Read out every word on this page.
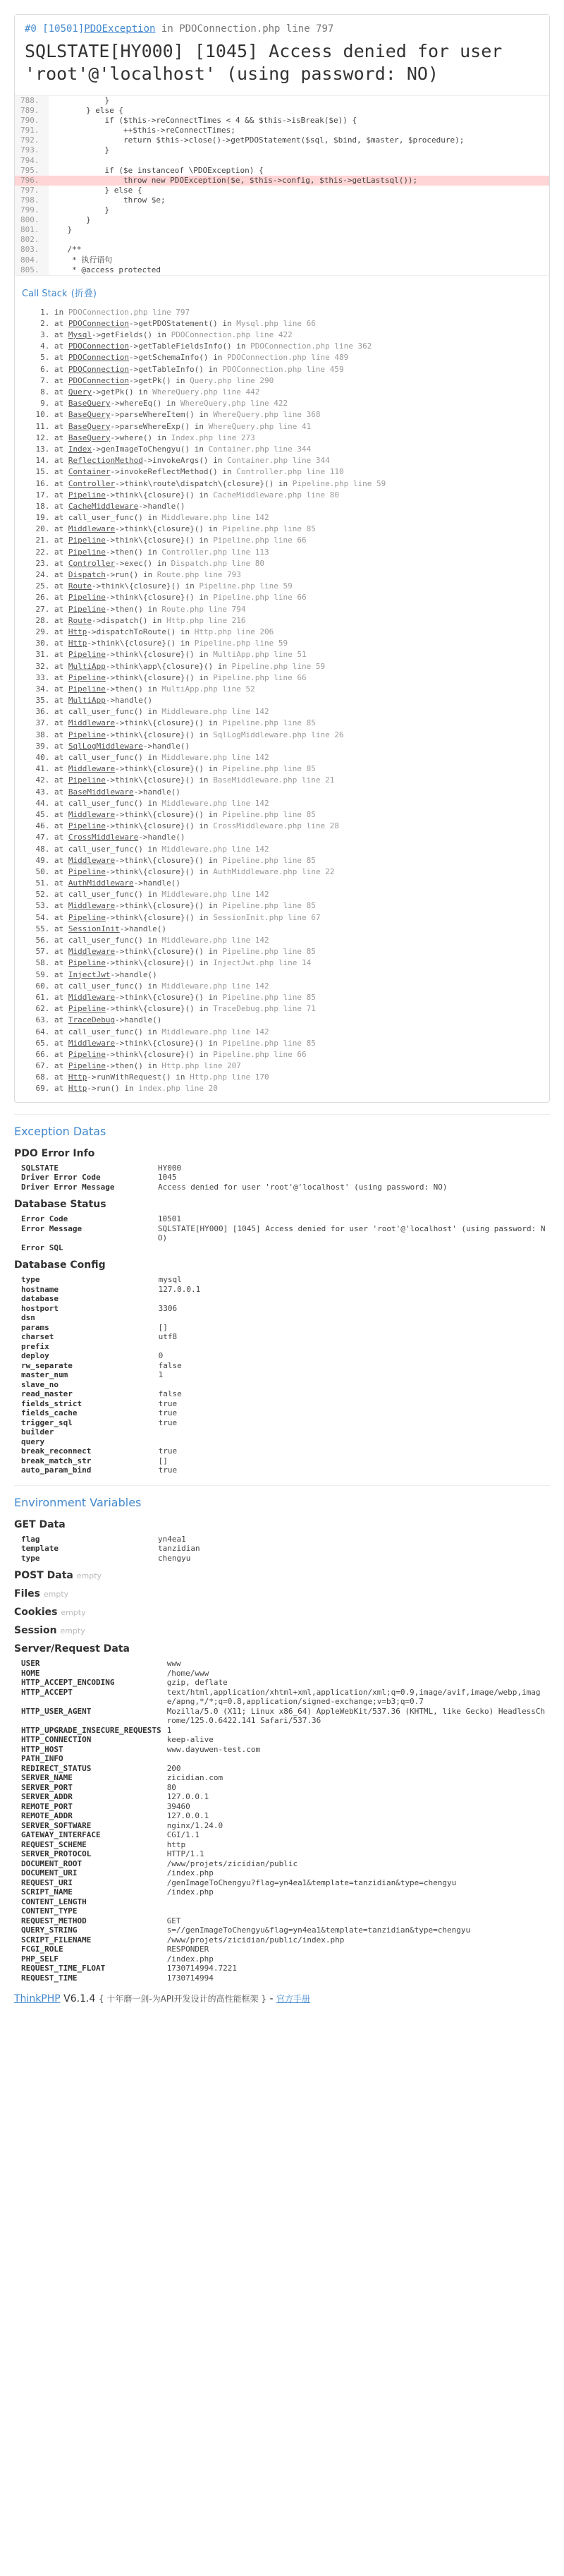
#0 [10501]PDOException in PDOConnection.php line 797
SQLSTATE[HY000] [1045] Access denied for user 'root'@'localhost' (using password: NO)
788.	}
789.	} else {
790.	if ($this->reConnectTimes < 4 && $this->isBreak($e)) {
791.	++$this->reConnectTimes;
792.	return $this->close()->getPDOStatement($sql, $bind, $master, $procedure);
793.	}
794.
795.	if ($e instanceof \PDOException) {
796.	throw new PDOException($e, $this->config, $this->getLastsql());
797.	} else {
798.	throw $e;
799.	}
800.	}
801.	}
802.
803.	/**
804.	* 执行语句
805.	* @access protected
Call Stack (折叠)
1. in PDOConnection.php line 797
2. at PDOConnection->getPDOStatement() in Mysql.php line 66
3. at Mysql->getFields() in PDOConnection.php line 422
4. at PDOConnection->getTableFieldsInfo() in PDOConnection.php line 362
5. at PDOConnection->getSchemaInfo() in PDOConnection.php line 489
6. at PDOConnection->getTableInfo() in PDOConnection.php line 459
7. at PDOConnection->getPk() in Query.php line 290
8. at Query->getPk() in WhereQuery.php line 442
9. at BaseQuery->whereEq() in WhereQuery.php line 422
10. at BaseQuery->parseWhereItem() in WhereQuery.php line 368
11. at BaseQuery->parseWhereExp() in WhereQuery.php line 41
12. at BaseQuery->where() in Index.php line 273
13. at Index->genImageToChengyu() in Container.php line 344
14. at ReflectionMethod->invokeArgs() in Container.php line 344
15. at Container->invokeReflectMethod() in Controller.php line 110
16. at Controller->think\route\dispatch\{closure}() in Pipeline.php line 59
17. at Pipeline->think\{closure}() in CacheMiddleware.php line 80
18. at CacheMiddleware->handle()
19. at call_user_func() in Middleware.php line 142
20. at Middleware->think\{closure}() in Pipeline.php line 85
21. at Pipeline->think\{closure}() in Pipeline.php line 66
22. at Pipeline->then() in Controller.php line 113
23. at Controller->exec() in Dispatch.php line 80
24. at Dispatch->run() in Route.php line 793
25. at Route->think\{closure}() in Pipeline.php line 59
26. at Pipeline->think\{closure}() in Pipeline.php line 66
27. at Pipeline->then() in Route.php line 794
28. at Route->dispatch() in Http.php line 216
29. at Http->dispatchToRoute() in Http.php line 206
30. at Http->think\{closure}() in Pipeline.php line 59
31. at Pipeline->think\{closure}() in MultiApp.php line 51
32. at MultiApp->think\app\{closure}() in Pipeline.php line 59
33. at Pipeline->think\{closure}() in Pipeline.php line 66
34. at Pipeline->then() in MultiApp.php line 52
35. at MultiApp->handle()
36. at call_user_func() in Middleware.php line 142
37. at Middleware->think\{closure}() in Pipeline.php line 85
38. at Pipeline->think\{closure}() in SqlLogMiddleware.php line 26
39. at SqlLogMiddleware->handle()
40. at call_user_func() in Middleware.php line 142
41. at Middleware->think\{closure}() in Pipeline.php line 85
42. at Pipeline->think\{closure}() in BaseMiddleware.php line 21
43. at BaseMiddleware->handle()
44. at call_user_func() in Middleware.php line 142
45. at Middleware->think\{closure}() in Pipeline.php line 85
46. at Pipeline->think\{closure}() in CrossMiddleware.php line 28
47. at CrossMiddleware->handle()
48. at call_user_func() in Middleware.php line 142
49. at Middleware->think\{closure}() in Pipeline.php line 85
50. at Pipeline->think\{closure}() in AuthMiddleware.php line 22
51. at AuthMiddleware->handle()
52. at call_user_func() in Middleware.php line 142
53. at Middleware->think\{closure}() in Pipeline.php line 85
54. at Pipeline->think\{closure}() in SessionInit.php line 67
55. at SessionInit->handle()
56. at call_user_func() in Middleware.php line 142
57. at Middleware->think\{closure}() in Pipeline.php line 85
58. at Pipeline->think\{closure}() in InjectJwt.php line 14
59. at InjectJwt->handle()
60. at call_user_func() in Middleware.php line 142
61. at Middleware->think\{closure}() in Pipeline.php line 85
62. at Pipeline->think\{closure}() in TraceDebug.php line 71
63. at TraceDebug->handle()
64. at call_user_func() in Middleware.php line 142
65. at Middleware->think\{closure}() in Pipeline.php line 85
66. at Pipeline->think\{closure}() in Pipeline.php line 66
67. at Pipeline->then() in Http.php line 207
68. at Http->runWithRequest() in Http.php line 170
69. at Http->run() in index.php line 20
Exception Datas
PDO Error Info
SQLSTATE	HY000
Driver Error Code	1045
Driver Error Message	Access denied for user 'root'@'localhost' (using password: NO)
Database Status
Error Code	10501
Error Message	SQLSTATE[HY000] [1045] Access denied for user 'root'@'localhost' (using password: NO)
Error SQL	
Database Config
type	mysql
hostname	127.0.0.1
database	
hostport	3306
dsn	
params	[]
charset	utf8
prefix	
deploy	0
rw_separate	false
master_num	1
slave_no	
read_master	false
fields_strict	true
fields_cache	true
trigger_sql	true
builder	
query	
break_reconnect	true
break_match_str	[]
auto_param_bind	true
Environment Variables
GET Data
flag	yn4ea1
template	tanzidian
type	chengyu
POST Data empty
Files empty
Cookies empty
Session empty
Server/Request Data
USER	www
HOME	/home/www
HTTP_ACCEPT_ENCODING	gzip, deflate
HTTP_ACCEPT	text/html,application/xhtml+xml,application/xml;q=0.9,image/avif,image/webp,image/apng,*/*;q=0.8,application/signed-exchange;v=b3;q=0.7
HTTP_USER_AGENT	Mozilla/5.0 (X11; Linux x86_64) AppleWebKit/537.36 (KHTML, like Gecko) HeadlessChrome/125.0.6422.141 Safari/537.36
HTTP_UPGRADE_INSECURE_REQUESTS	1
HTTP_CONNECTION	keep-alive
HTTP_HOST	www.dayuwen-test.com
PATH_INFO	
REDIRECT_STATUS	200
SERVER_NAME	zicidian.com
SERVER_PORT	80
SERVER_ADDR	127.0.0.1
REMOTE_PORT	39460
REMOTE_ADDR	127.0.0.1
SERVER_SOFTWARE	nginx/1.24.0
GATEWAY_INTERFACE	CGI/1.1
REQUEST_SCHEME	http
SERVER_PROTOCOL	HTTP/1.1
DOCUMENT_ROOT	/www/projets/zicidian/public
DOCUMENT_URI	/index.php
REQUEST_URI	/genImageToChengyu?flag=yn4ea1&template=tanzidian&type=chengyu
SCRIPT_NAME	/index.php
CONTENT_LENGTH	
CONTENT_TYPE	
REQUEST_METHOD	GET
QUERY_STRING	s=//genImageToChengyu&flag=yn4ea1&template=tanzidian&type=chengyu
SCRIPT_FILENAME	/www/projets/zicidian/public/index.php
FCGI_ROLE	RESPONDER
PHP_SELF	/index.php
REQUEST_TIME_FLOAT	1730714994.7221
REQUEST_TIME	1730714994
ThinkPHP V6.1.4 { 十年磨一剑-为API开发设计的高性能框架 } - 官方手册
